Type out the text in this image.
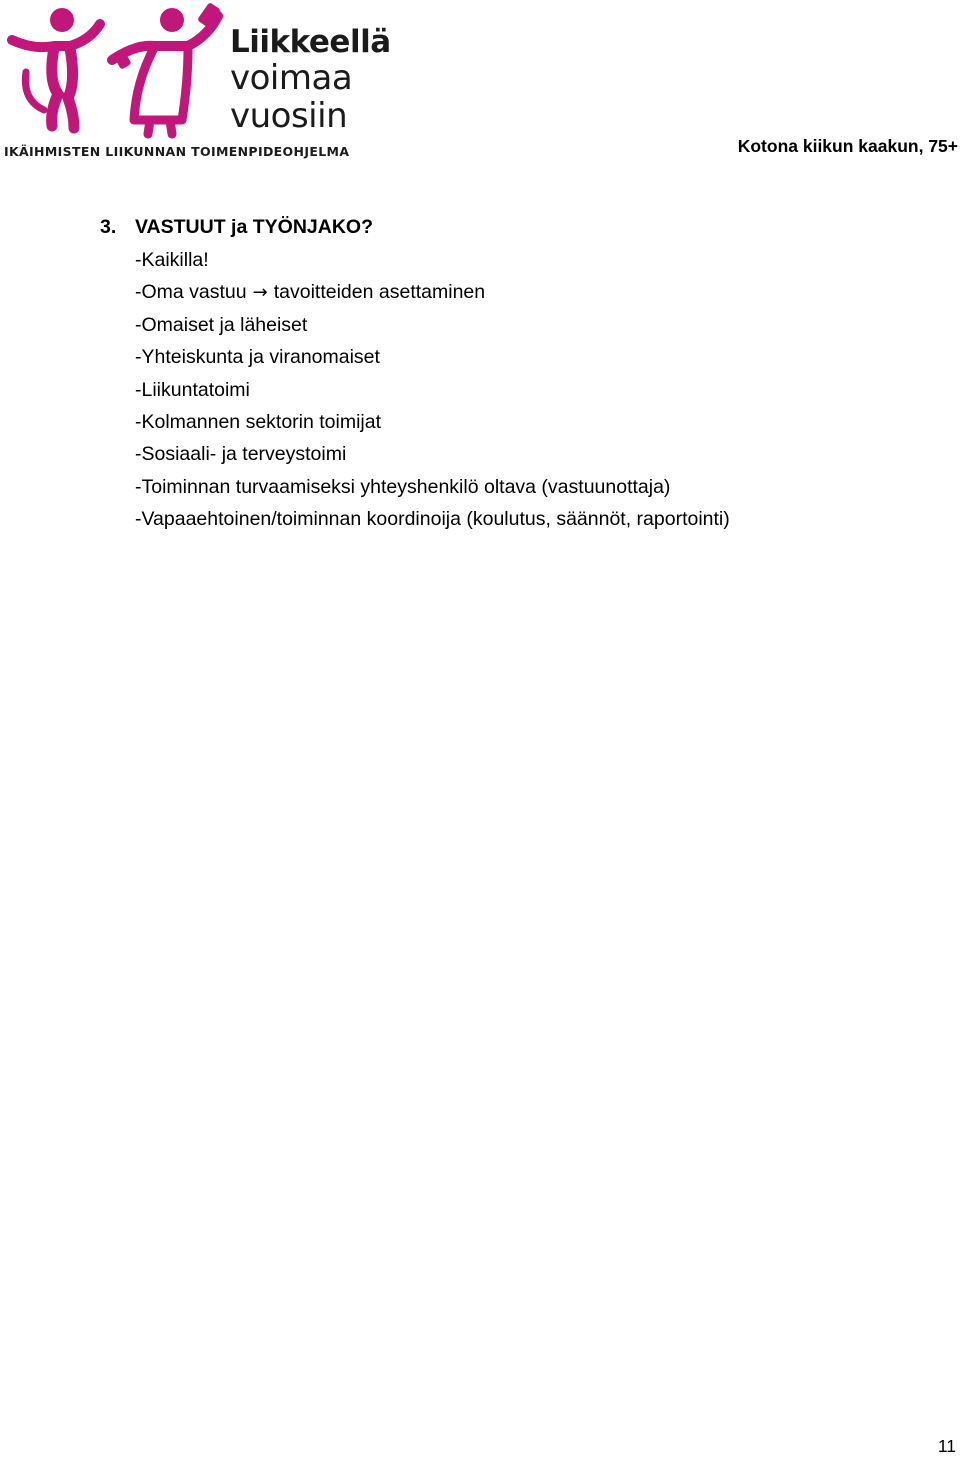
Liikkeellä
voimaa
vuosiin
IKÄIHMISTEN LIIKUNNAN TOIMENPIDEOHJELMA	Kotona kiikun kaakun, 75+
3. VASTUUT ja TYÖNJAKO?
-Kaikilla!
-Oma vastuu → tavoitteiden asettaminen
-Omaiset ja läheiset
-Yhteiskunta ja viranomaiset
-Liikuntatoimi
-Kolmannen sektorin toimijat
-Sosiaali- ja terveystoimi
-Toiminnan turvaamiseksi yhteyshenkilö oltava (vastuunottaja)
-Vapaaehtoinen/toiminnan koordinoija (koulutus, säännöt, raportointi)
11
